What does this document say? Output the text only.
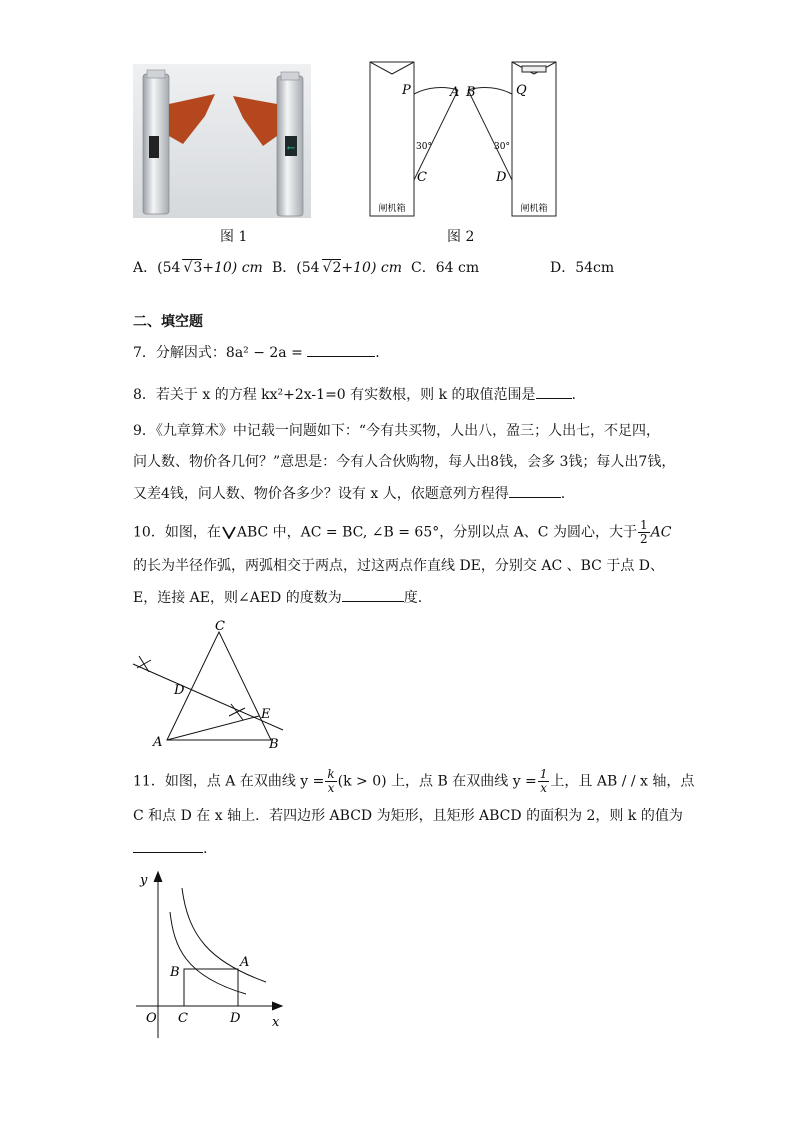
←
图 1
P	A B	Q
C	D
30°	30°
闸机箱	闸机箱
图 2
A．(54 √3+10) cm B．(54 √2+10) cm C．64 cm	D．54cm
二、填空题
7．分解因式：8a² − 2a =	.
8．若关于 x 的方程 kx²+2x-1=0 有实数根，则 k 的取值范围是	.
9．《九章算术》中记载一问题如下：“今有共买物，人出八，盈三；人出七，不足四，
问人数、物价各几何？”意思是：今有人合伙购物，每人出8钱，会多 3钱；每人出7钱，
又差4钱，问人数、物价各多少？设有 x 人，依题意列方程得	.
10．如图，在 ABC 中，AC = BC, ∠B = 65°，分别以点 A、C 为圆心，大于 $\frac{1}{2}$ AC
的长为半径作弧，两弧相交于两点，过这两点作直线 DE，分别交 AC 、BC 于点 D、
E，连接 AE，则∠AED 的度数为	度.
C
D
E
A	B
11．如图，点 A 在双曲线 $y = \frac{k}{x} (k > 0)$ 上，点 B 在双曲线 $y = \frac{1}{x}$ 上，且 AB / / x 轴，点
C 和点 D 在 x 轴上．若四边形 ABCD 为矩形，且矩形 ABCD 的面积为 2，则 k 的值为
.
y
x
O
A
B
C	D
